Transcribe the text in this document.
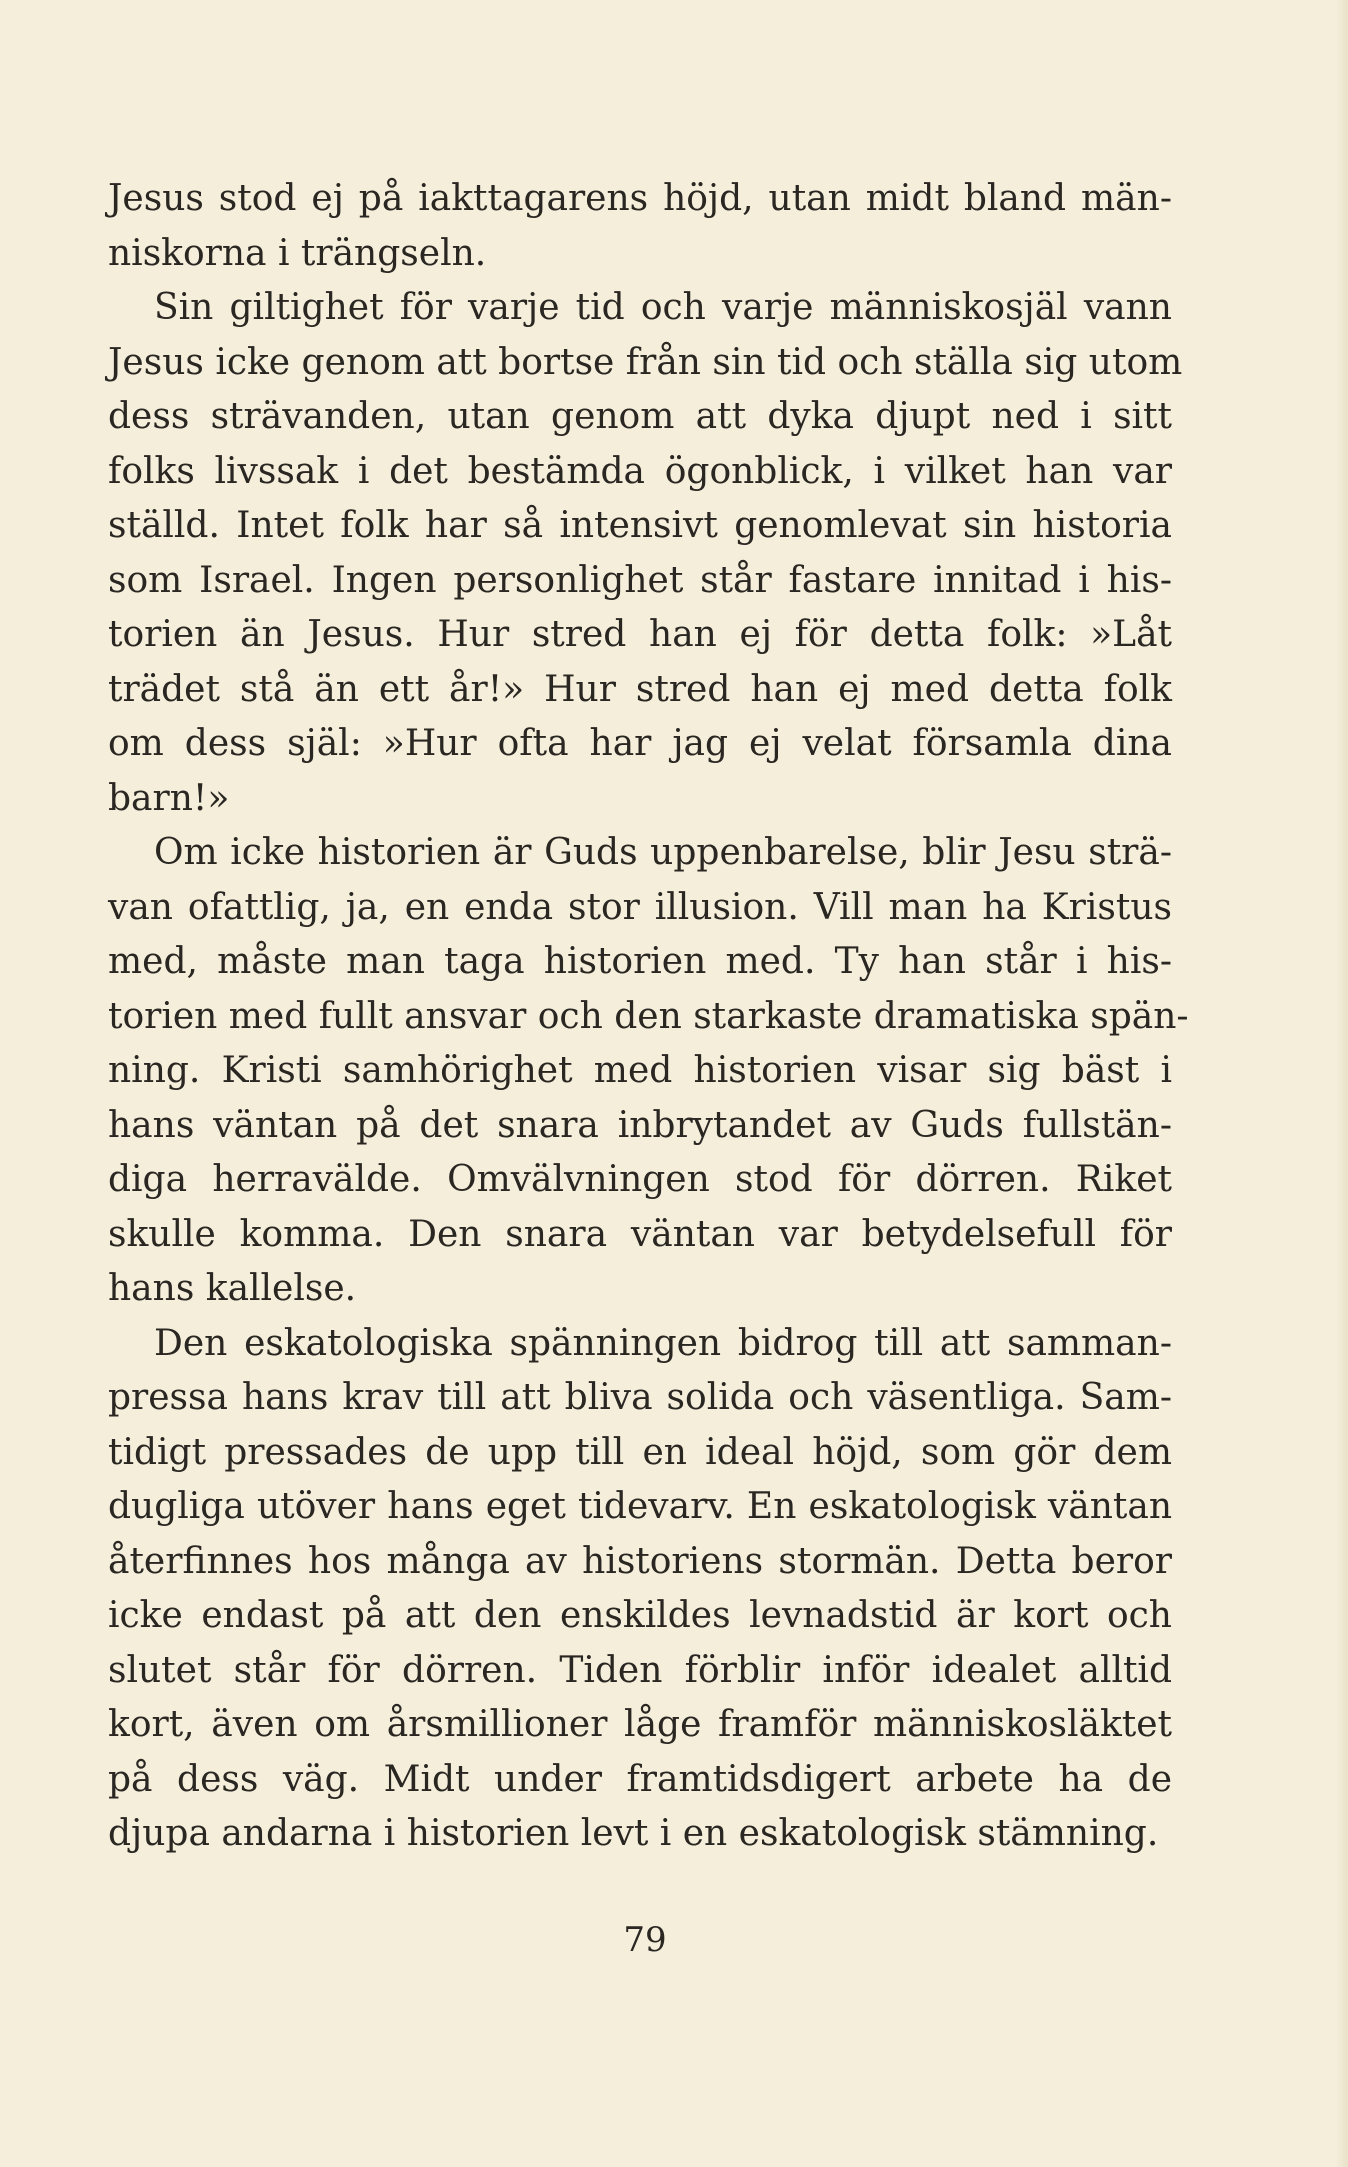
Jesus stod ej på iakttagarens höjd, utan midt bland män-
niskorna i trängseln.
Sin giltighet för varje tid och varje människosjäl vann
Jesus icke genom att bortse från sin tid och ställa sig utom
dess strävanden, utan genom att dyka djupt ned i sitt
folks livssak i det bestämda ögonblick, i vilket han var
ställd. Intet folk har så intensivt genomlevat sin historia
som Israel. Ingen personlighet står fastare innitad i his-
torien än Jesus. Hur stred han ej för detta folk: »Låt
trädet stå än ett år!» Hur stred han ej med detta folk
om dess själ: »Hur ofta har jag ej velat församla dina
barn!»
Om icke historien är Guds uppenbarelse, blir Jesu strä-
van ofattlig, ja, en enda stor illusion. Vill man ha Kristus
med, måste man taga historien med. Ty han står i his-
torien med fullt ansvar och den starkaste dramatiska spän-
ning. Kristi samhörighet med historien visar sig bäst i
hans väntan på det snara inbrytandet av Guds fullstän-
diga herravälde. Omvälvningen stod för dörren. Riket
skulle komma. Den snara väntan var betydelsefull för
hans kallelse.
Den eskatologiska spänningen bidrog till att samman-
pressa hans krav till att bliva solida och väsentliga. Sam-
tidigt pressades de upp till en ideal höjd, som gör dem
dugliga utöver hans eget tidevarv. En eskatologisk väntan
återfinnes hos många av historiens stormän. Detta beror
icke endast på att den enskildes levnadstid är kort och
slutet står för dörren. Tiden förblir inför idealet alltid
kort, även om årsmillioner låge framför människosläktet
på dess väg. Midt under framtidsdigert arbete ha de
djupa andarna i historien levt i en eskatologisk stämning.
79
